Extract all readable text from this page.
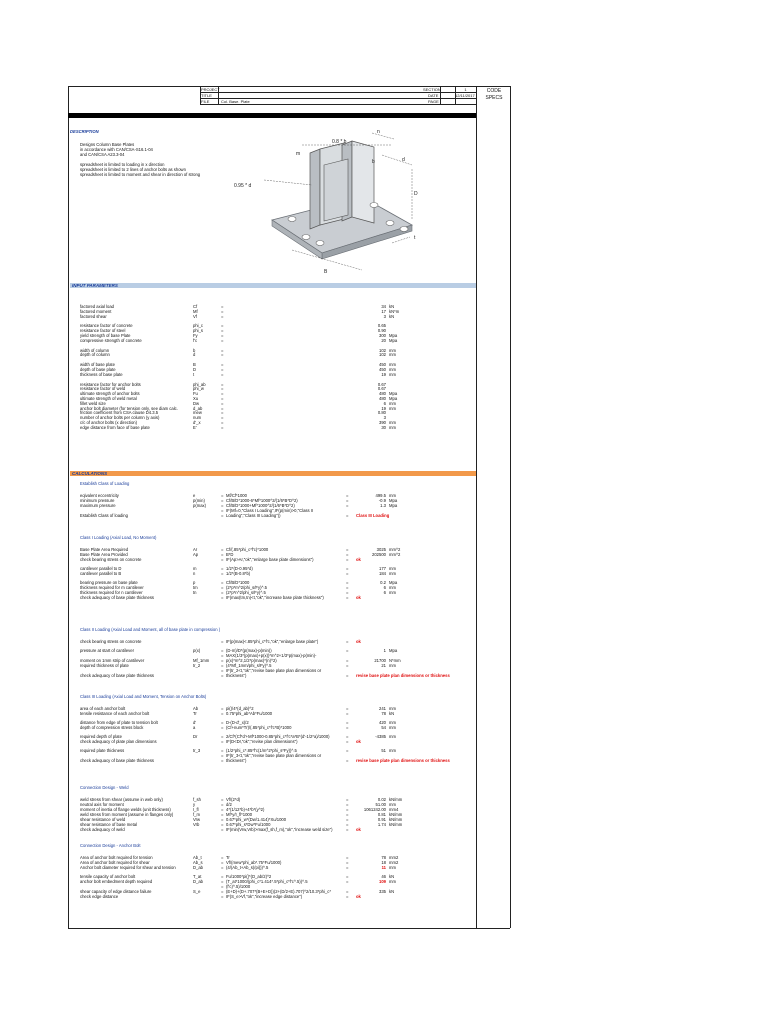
PROJECT
TITLE
FILE	Col. Base. Plate
SECTION	1
DATE	12/11/2017
PAGE
CODE
SPECS
DESCRIPTION
Designs Column Base Plates
in accordance with CAN/CSA-S16.1-04
and CAN/CSA A23.3-04
spreadsheet is limited to loading in x direction
spreadsheet is limited to 2 lines of anchor bolts as shown
spreadsheet is limited to moment and shear in direction of strong
0.8 * b
n
m
b	d
D
0.95 * d
B
t
INPUT PARAMETERS
factored axial load	Cf	=	34 kN
factored moment	Mf	=	17 kN*m
factored shear	Vf	=	3 kN
resistance factor of concrete	phi_c	=	0.65
resistance factor of steel	phi_s	=	0.90
yield strength of base Plate	Fy	=	300 Mpa
compressive strength of concrete	f'c	=	20 Mpa
width of column	b	=	102 mm
depth of column	d	=	102 mm
width of base plate	B	=	450 mm
depth of base plate	D	=	450 mm
thickness of base plate	t	=	19 mm
resistance factor for anchor bolts	phi_ab	=	0.67
resistance factor of weld	phi_w	=	0.67
ultimate strength of anchor bolts	Fu	=	480 Mpa
ultimate strength of weld metal	Xu	=	480 Mpa
fillet weld size	Dw	=	6 mm
anchor bolt diameter (for tension only, see diam calc.	d_ab	=	19 mm
friction coefficient from CSA clause D4.3.5	mew	=	0.80
number of anchor bolts per column (y axis)	num	=	3
c/c of anchor bolts (x direction)	d'_x	=	390 mm
edge distance from face of base plate	E'	=	30 mm
CALCULATIONS
Establish Class of Loading
eqivalent eccentricity	e	= Mf/Cf*1000	=	499.5 mm
minimum pressure	p(min)	= Cf/B/D*1000-6*Mf*1000^2/(1/6*B*D^2)	=	-0.9 Mpa
maximum pressure	p(max)	= Cf/B/D*1000+Mf*1000^2/(1/6*B*D^2)	=	1.3 Mpa
= IF(Mf=0,"Class I Loading",IF(p(min)>0,"Class II
Establish Class of loading	= Loading","Class III Loading"))	= Class III Loading
Class I Loading (Axial Load, No Moment)
Base Plate Area Required	Ar	= Cf/(.85*phi_c*f'c)*1000	=	3025 mm^2
Base Plate Area Provided	Ap	= B*D	=	202500 mm^2
check bearing stress on concrete	= IF(Ap>Ar,"ok","enlarge base plate dimensions")	= ok
cantilever parallel to D	m	= 1/2*(D-0.95*d)	=	177 mm
cantilever parallel to B	n	= 1/2*(B-0.8*b)	=	184 mm
bearing pressure on base plate	p	= Cf/B/D*1000	=	0.2 Mpa
thickness required for m cantilever	tm	= (2*p*m^2/phi_s/Fy)^.5	=	6 mm
thickness required for n cantilever	tn	= (2*p*n^2/phi_s/Fy)^.5	=	6 mm
check adequacy of base plate thickness	= IF(max(tm,tn)<t,"ok","increase base plate thickness")	= ok
Class II Loading (Axial Load and Moment, all of base plate in compression )
check bearing stress on concrete	= IF(p(max)<.85*phi_c*f'c,"ok","enlarge base plate")	= ok
pressure at start of cantilever	p(x)	= (D-m)/D*(p(max)-p(min))	=	1 Mpa
= MAX(1/3*(p(max)+p(x))*m^2+1/3*p(max)-p(min)-
moment on 1mm strip of cantilever	Mf_1mm	= p(x)*m^2,1/2*p(max)*(n)^2)	=	21700 N*mm
required thickness of plate	tr_2	= (4*Mf_1mm/phi_s/Fy)^.5	=	21 mm
= IF(tr_2<t,"ok","revise base plate plan dimensions or
check adequacy of base plate thickness	= thickness")	= revise base plate plan dimensions or thickness
Class III Loading (Axial Load and Moment, Tension on Anchor Bolts)
area of each anchor bolt	Ab	= pi()/4*(d_ab)^2	=	241 mm
tensile resistance of each anchor bolt	Tr	= 0.75*phi_ab*Ab*Fu/1000	=	78 kN
distance from edge of plate to tension bolt	d'	= D-(D-d'_x)/2	=	420 mm
depth of compression stress block	a	= (Cf+num*Tr)/(.85*phi_c*f'c*B)*1000	=	54 mm
required depth of plate	Dr	= 2/Cf*(Cf*d'+Mf*1000-0.85*phi_c*f'c*a*B*(d'-1/2*a)/1000)	=	-4385 mm
check adequacy of plate plan dimensions	= IF(D<Dr,"ok","revise plan dimensions")	= ok
required plate thickness	tr_3	= (1/2*phi_c*.85*f'c(1/m^2*phi_s*Fy))^.5	=	51 mm
= IF(tr_3<t,"ok","revise base plate plan dimensions or
check adequacy of base plate thickness	= thickness")	= revise base plate plan dimensions or thickness
Connection Design - Weld
weld stress from shear (assume in web only)	f_sh	= Vf/(2*d)	=	0.02 kN/mm
neutral axis for moment	y	= d/2	=	51.00 mm
moment of inertia of flange welds (unit thickness)	I_fl	= 4*(1/12*b)+4*b*(y^2)	=	1061242.00 mm4
weld stress from moment (assume in flanges only)	f_m	= Mf*y/I_fl*1000	=	0.81 kN/mm
shear resistance of weld	Vrw	= 0.67*phi_w*(Dw/1.414)*Xu/1000	=	0.91 kN/mm
shear resistance of base metal	Vrb	= 0.67*phi_s*Dw*Fu/1000	=	1.74 kN/mm
check adequacy of weld	= IF(min(Vrw,Vrb)>max(f_sh,f_m),"ok","increase weld size")	= ok
Connection Design - Anchor Bolt
Area of anchor bolt required for tension	Ab_t	= Tr	=	78 mm2
Area of anchor bolt required for shear	Ab_s	= Vf/(mew*phi_ab*.75*Fu/1000)	=	18 mm2
Anchor bolt diameter required for shear and tension	D_ab	= (4/(Ab_t+Ab_s)/pi())^.5	=	11 mm
tensile capacity of anchor bolt	T_at	= Fu/1000*pi()*(D_ab/2)^2	=	46 kN
anchor bolt embedment depth required	D_ab	= (T_at*1000/(phi_c*1.414*.5*phi_c*f'c^.5))^.5	=	109 mm
= (f'c)^.5)/1000
shear capacity of edge distance failure	S_e	= (E+D)+(D+.707*(B+E+D))(2+(D/2+E).707)^2/10.3*phi_c*	=	335 kN
check edge distance	= IF(S_e>Vf,"ok","increase edge distance")	= ok
